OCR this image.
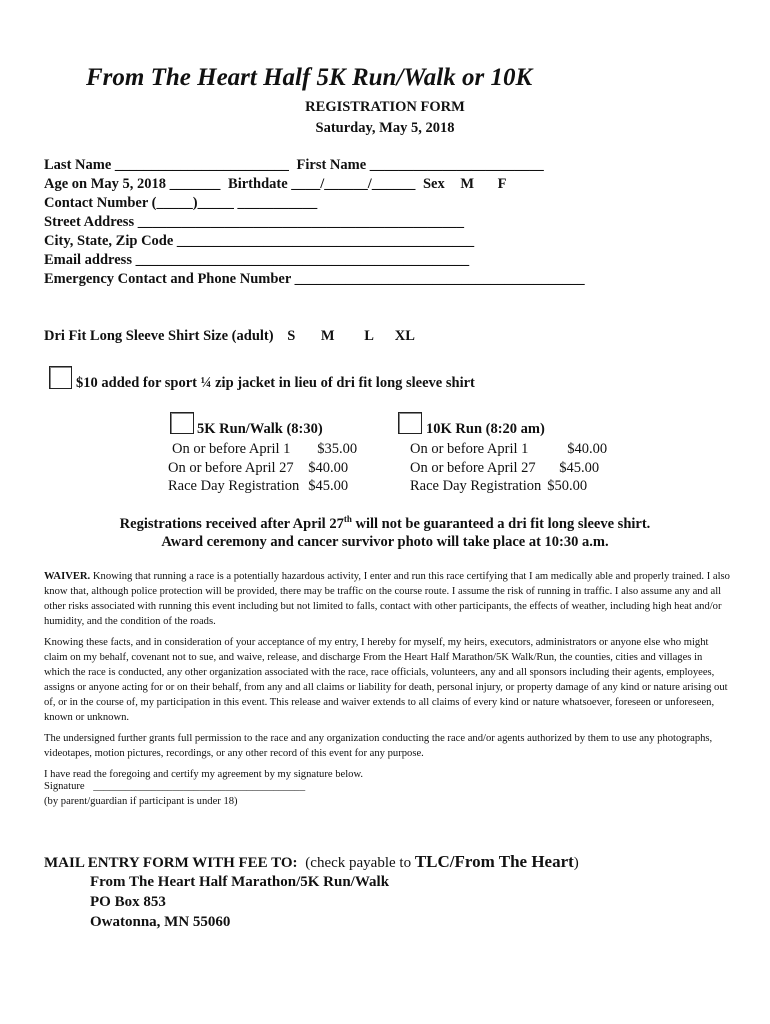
From The Heart Half 5K Run/Walk or 10K
REGISTRATION FORM
Saturday, May 5, 2018
Last Name ________________________ First Name ________________________
Age on May 5, 2018 _______ Birthdate ____/______/______ Sex M F
Contact Number (_____)_____ ___________
Street Address _____________________________________________
City, State, Zip Code _________________________________________
Email address ______________________________________________
Emergency Contact and Phone Number ________________________________________
Dri Fit Long Sleeve Shirt Size (adult) S M L XL
$10 added for sport ¼ zip jacket in lieu of dri fit long sleeve shirt
5K Run/Walk (8:30)
On or before April 1	$35.00
On or before April 27	$40.00
Race Day Registration	$45.00
10K Run (8:20 am)
On or before April 1	$40.00
On or before April 27	$45.00
Race Day Registration	$50.00
Registrations received after April 27th will not be guaranteed a dri fit long sleeve shirt.
Award ceremony and cancer survivor photo will take place at 10:30 a.m.

WAIVER. Knowing that running a race is a potentially hazardous activity, I enter and run this race certifying that I am medically able and properly trained. I also know that, although police protection will be provided, there may be traffic on the course route. I assume the risk of running in traffic. I also assume any and all other risks associated with running this event including but not limited to falls, contact with other participants, the effects of weather, including high heat and/or humidity, and the condition of the roads.

Knowing these facts, and in consideration of your acceptance of my entry, I hereby for myself, my heirs, executors, administrators or anyone else who might claim on my behalf, covenant not to sue, and waive, release, and discharge From the Heart Half Marathon/5K Walk/Run, the counties, cities and villages in which the race is conducted, any other organization associated with the race, race officials, volunteers, any and all sponsors including their agents, employees, assigns or anyone acting for or on their behalf, from any and all claims or liability for death, personal injury, or property damage of any kind or nature arising out of, or in the course of, my participation in this event. This release and waiver extends to all claims of every kind or nature whatsoever, foreseen or unforeseen, known or unknown.

The undersigned further grants full permission to the race and any organization conducting the race and/or agents authorized by them to use any photographs, videotapes, motion pictures, recordings, or any other record of this event for any purpose.

I have read the foregoing and certify my agreement by my signature below.

Signature ________________________________________
(by parent/guardian if participant is under 18)
MAIL ENTRY FORM WITH FEE TO: (check payable to TLC/From The Heart)
From The Heart Half Marathon/5K Run/Walk
PO Box 853
Owatonna, MN 55060
